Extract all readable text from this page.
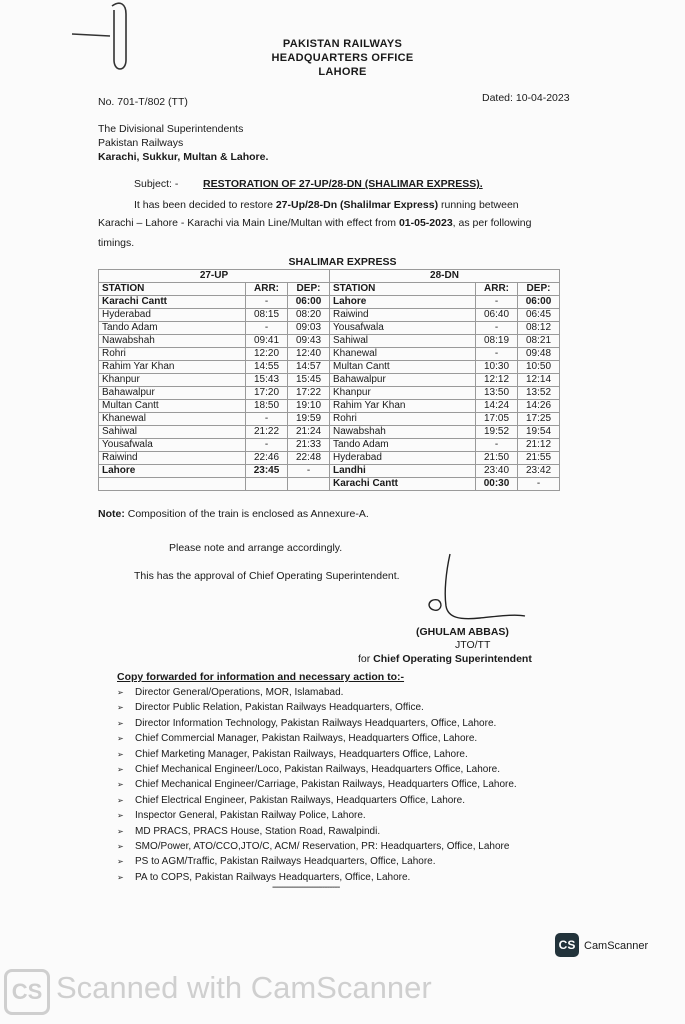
PAKISTAN RAILWAYS
HEADQUARTERS OFFICE
LAHORE
No. 701-T/802 (TT)	Dated: 10-04-2023
The Divisional Superintendents
Pakistan Railways
Karachi, Sukkur, Multan & Lahore.
Subject: - RESTORATION OF 27-UP/28-DN (SHALIMAR EXPRESS).
It has been decided to restore 27-Up/28-Dn (Shalilmar Express) running between
Karachi – Lahore - Karachi via Main Line/Multan with effect from 01-05-2023, as per following
timings.
SHALIMAR EXPRESS
27-UP			28-DN		
STATION	ARR:	DEP:	STATION	ARR:	DEP:
Karachi Cantt	-	06:00	Lahore	-	06:00
Hyderabad	08:15	08:20	Raiwind	06:40	06:45
Tando Adam	-	09:03	Yousafwala	-	08:12
Nawabshah	09:41	09:43	Sahiwal	08:19	08:21
Rohri	12:20	12:40	Khanewal	-	09:48
Rahim Yar Khan	14:55	14:57	Multan Cantt	10:30	10:50
Khanpur	15:43	15:45	Bahawalpur	12:12	12:14
Bahawalpur	17:20	17:22	Khanpur	13:50	13:52
Multan Cantt	18:50	19:10	Rahim Yar Khan	14:24	14:26
Khanewal	-	19:59	Rohri	17:05	17:25
Sahiwal	21:22	21:24	Nawabshah	19:52	19:54
Yousafwala	-	21:33	Tando Adam	-	21:12
Raiwind	22:46	22:48	Hyderabad	21:50	21:55
Lahore	23:45	-	Landhi	23:40	23:42
			Karachi Cantt	00:30	-
Note: Composition of the train is enclosed as Annexure-A.
Please note and arrange accordingly.
This has the approval of Chief Operating Superintendent.
(GHULAM ABBAS)
JTO/TT
for Chief Operating Superintendent
Copy forwarded for information and necessary action to:-
➢ Director General/Operations, MOR, Islamabad.
➢ Director Public Relation, Pakistan Railways Headquarters, Office.
➢ Director Information Technology, Pakistan Railways Headquarters, Office, Lahore.
➢ Chief Commercial Manager, Pakistan Railways, Headquarters Office, Lahore.
➢ Chief Marketing Manager, Pakistan Railways, Headquarters Office, Lahore.
➢ Chief Mechanical Engineer/Loco, Pakistan Railways, Headquarters Office, Lahore.
➢ Chief Mechanical Engineer/Carriage, Pakistan Railways, Headquarters Office, Lahore.
➢ Chief Electrical Engineer, Pakistan Railways, Headquarters Office, Lahore.
➢ Inspector General, Pakistan Railway Police, Lahore.
➢ MD PRACS, PRACS House, Station Road, Rawalpindi.
➢ SMO/Power, ATO/CCO,JTO/C, ACM/ Reservation, PR: Headquarters, Office, Lahore
➢ PS to AGM/Traffic, Pakistan Railways Headquarters, Office, Lahore.
➢ PA to COPS, Pakistan Railways Headquarters, Office, Lahore.
---------------------------
CS CamScanner
CS Scanned with CamScanner
